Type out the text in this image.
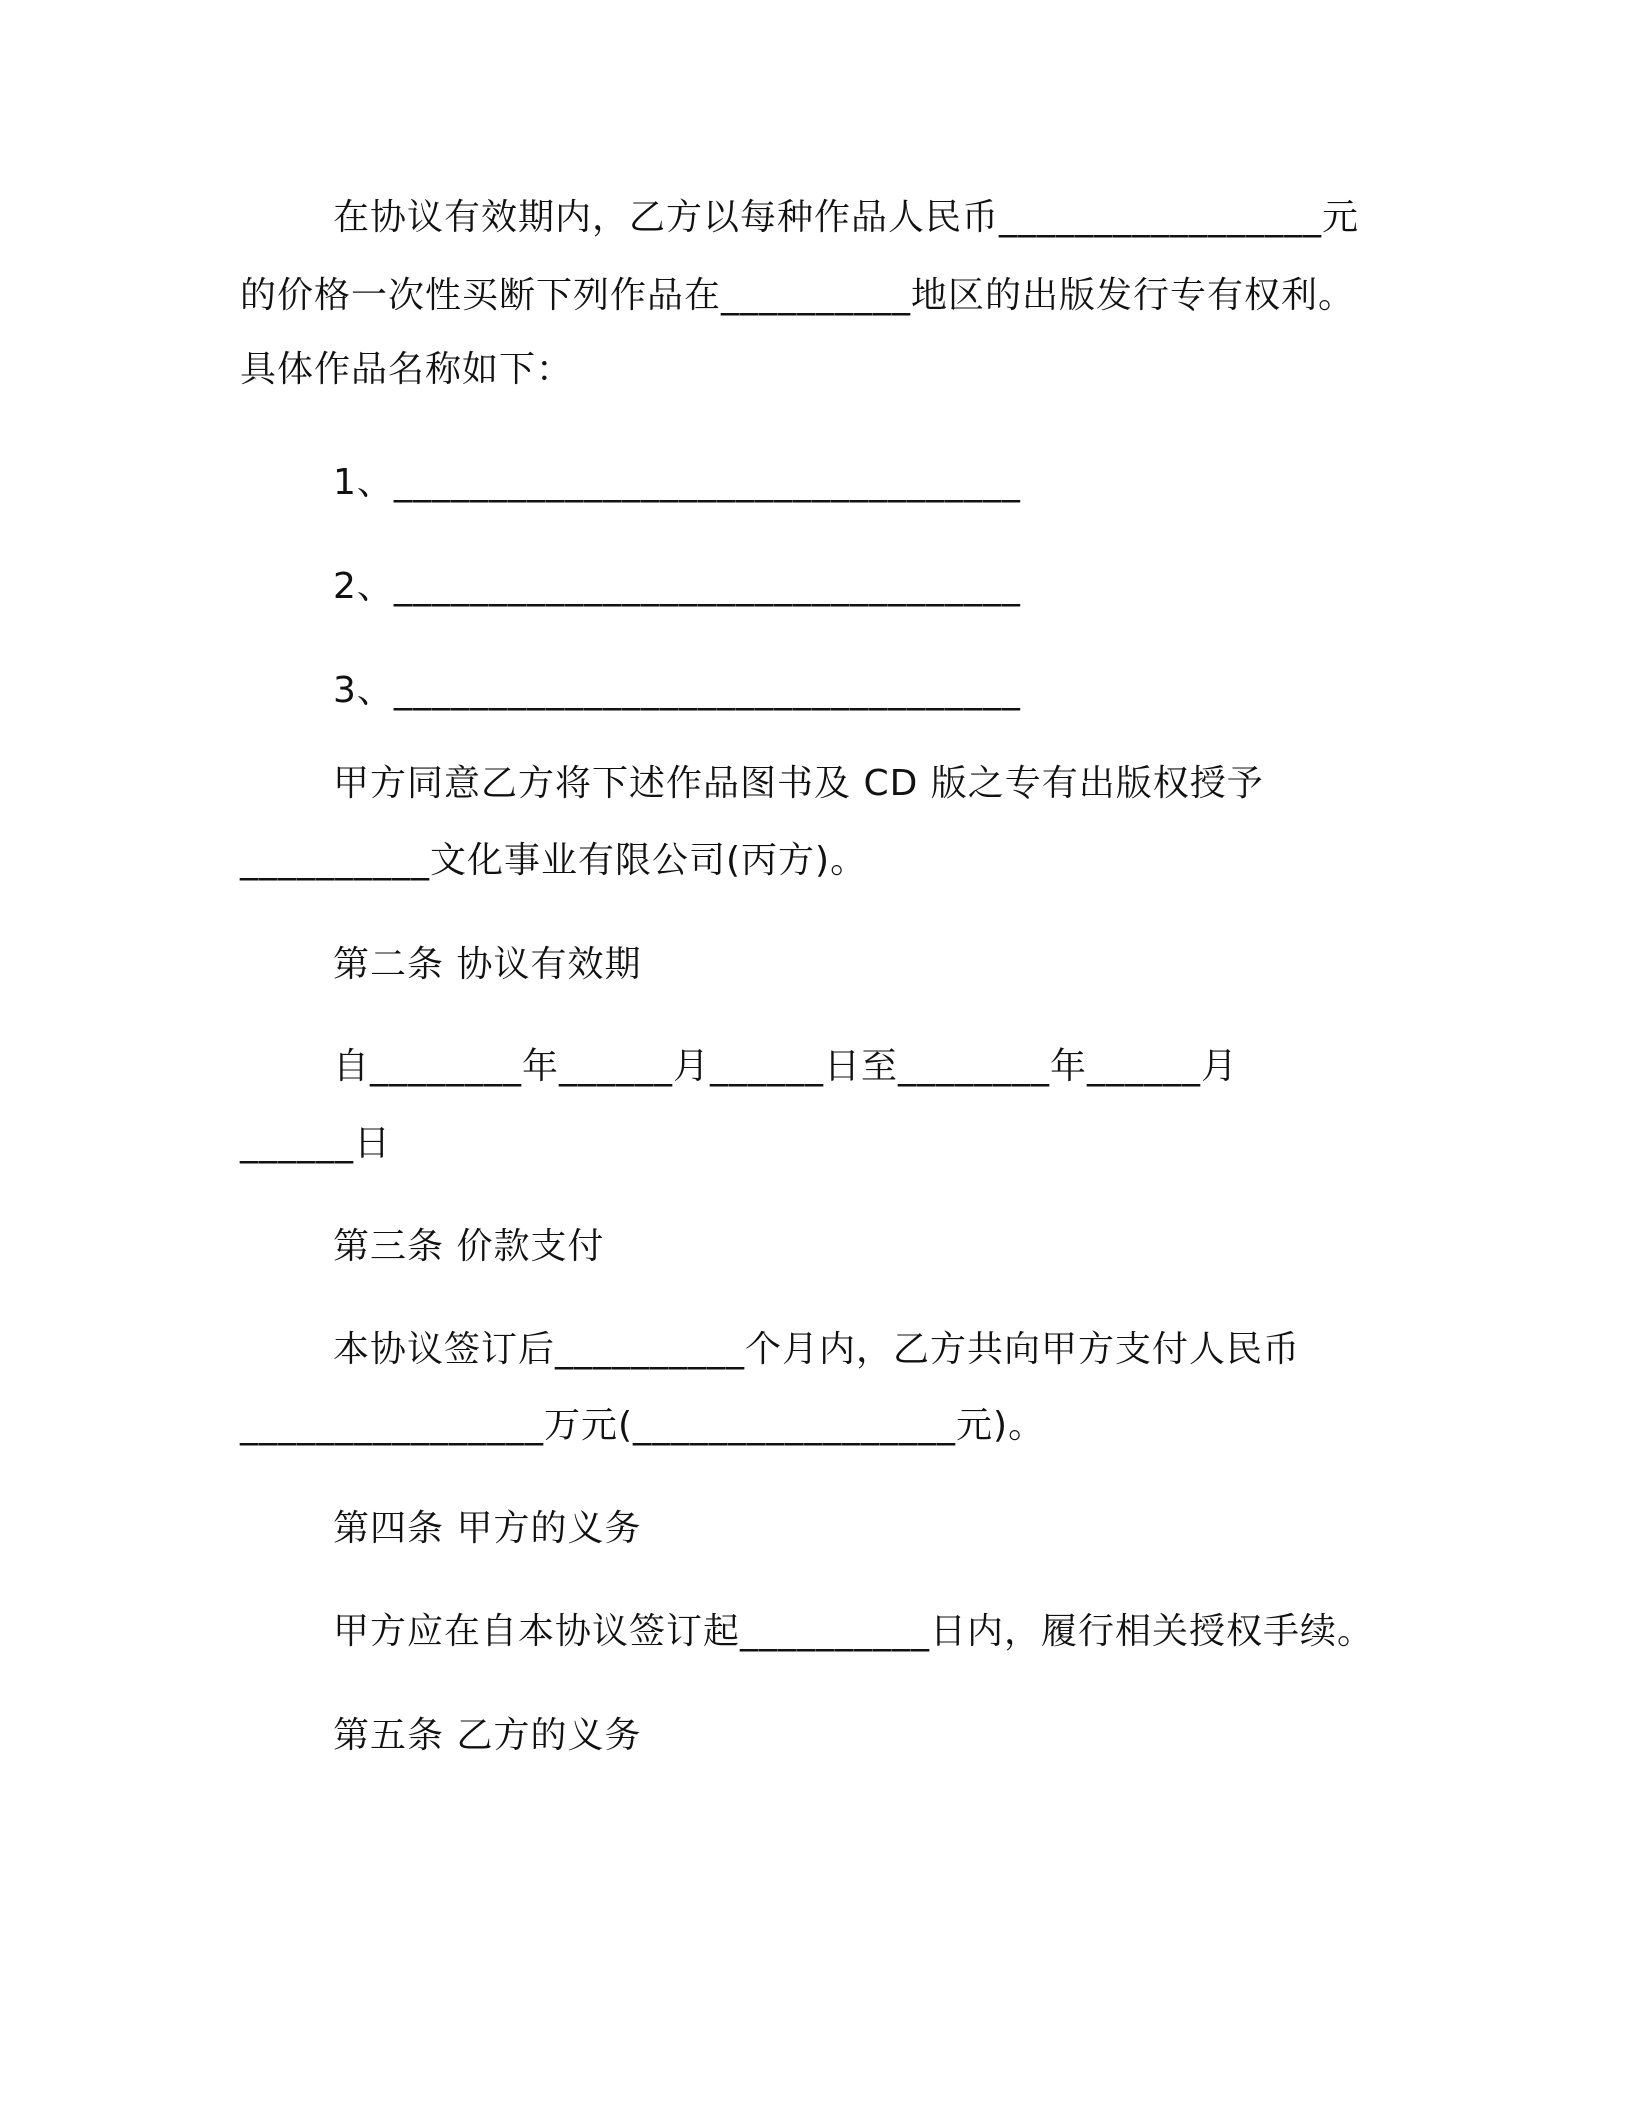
在协议有效期内，乙方以每种作品人民币_________________元
的价格一次性买断下列作品在__________地区的出版发行专有权利。
具体作品名称如下：
1、_________________________________
2、_________________________________
3、_________________________________
甲方同意乙方将下述作品图书及 CD 版之专有出版权授予
__________文化事业有限公司(丙方)。
第二条 协议有效期
自________年______月______日至________年______月
______日
第三条 价款支付
本协议签订后__________个月内，乙方共向甲方支付人民币
________________万元(_________________元)。
第四条 甲方的义务
甲方应在自本协议签订起__________日内，履行相关授权手续。
第五条 乙方的义务
